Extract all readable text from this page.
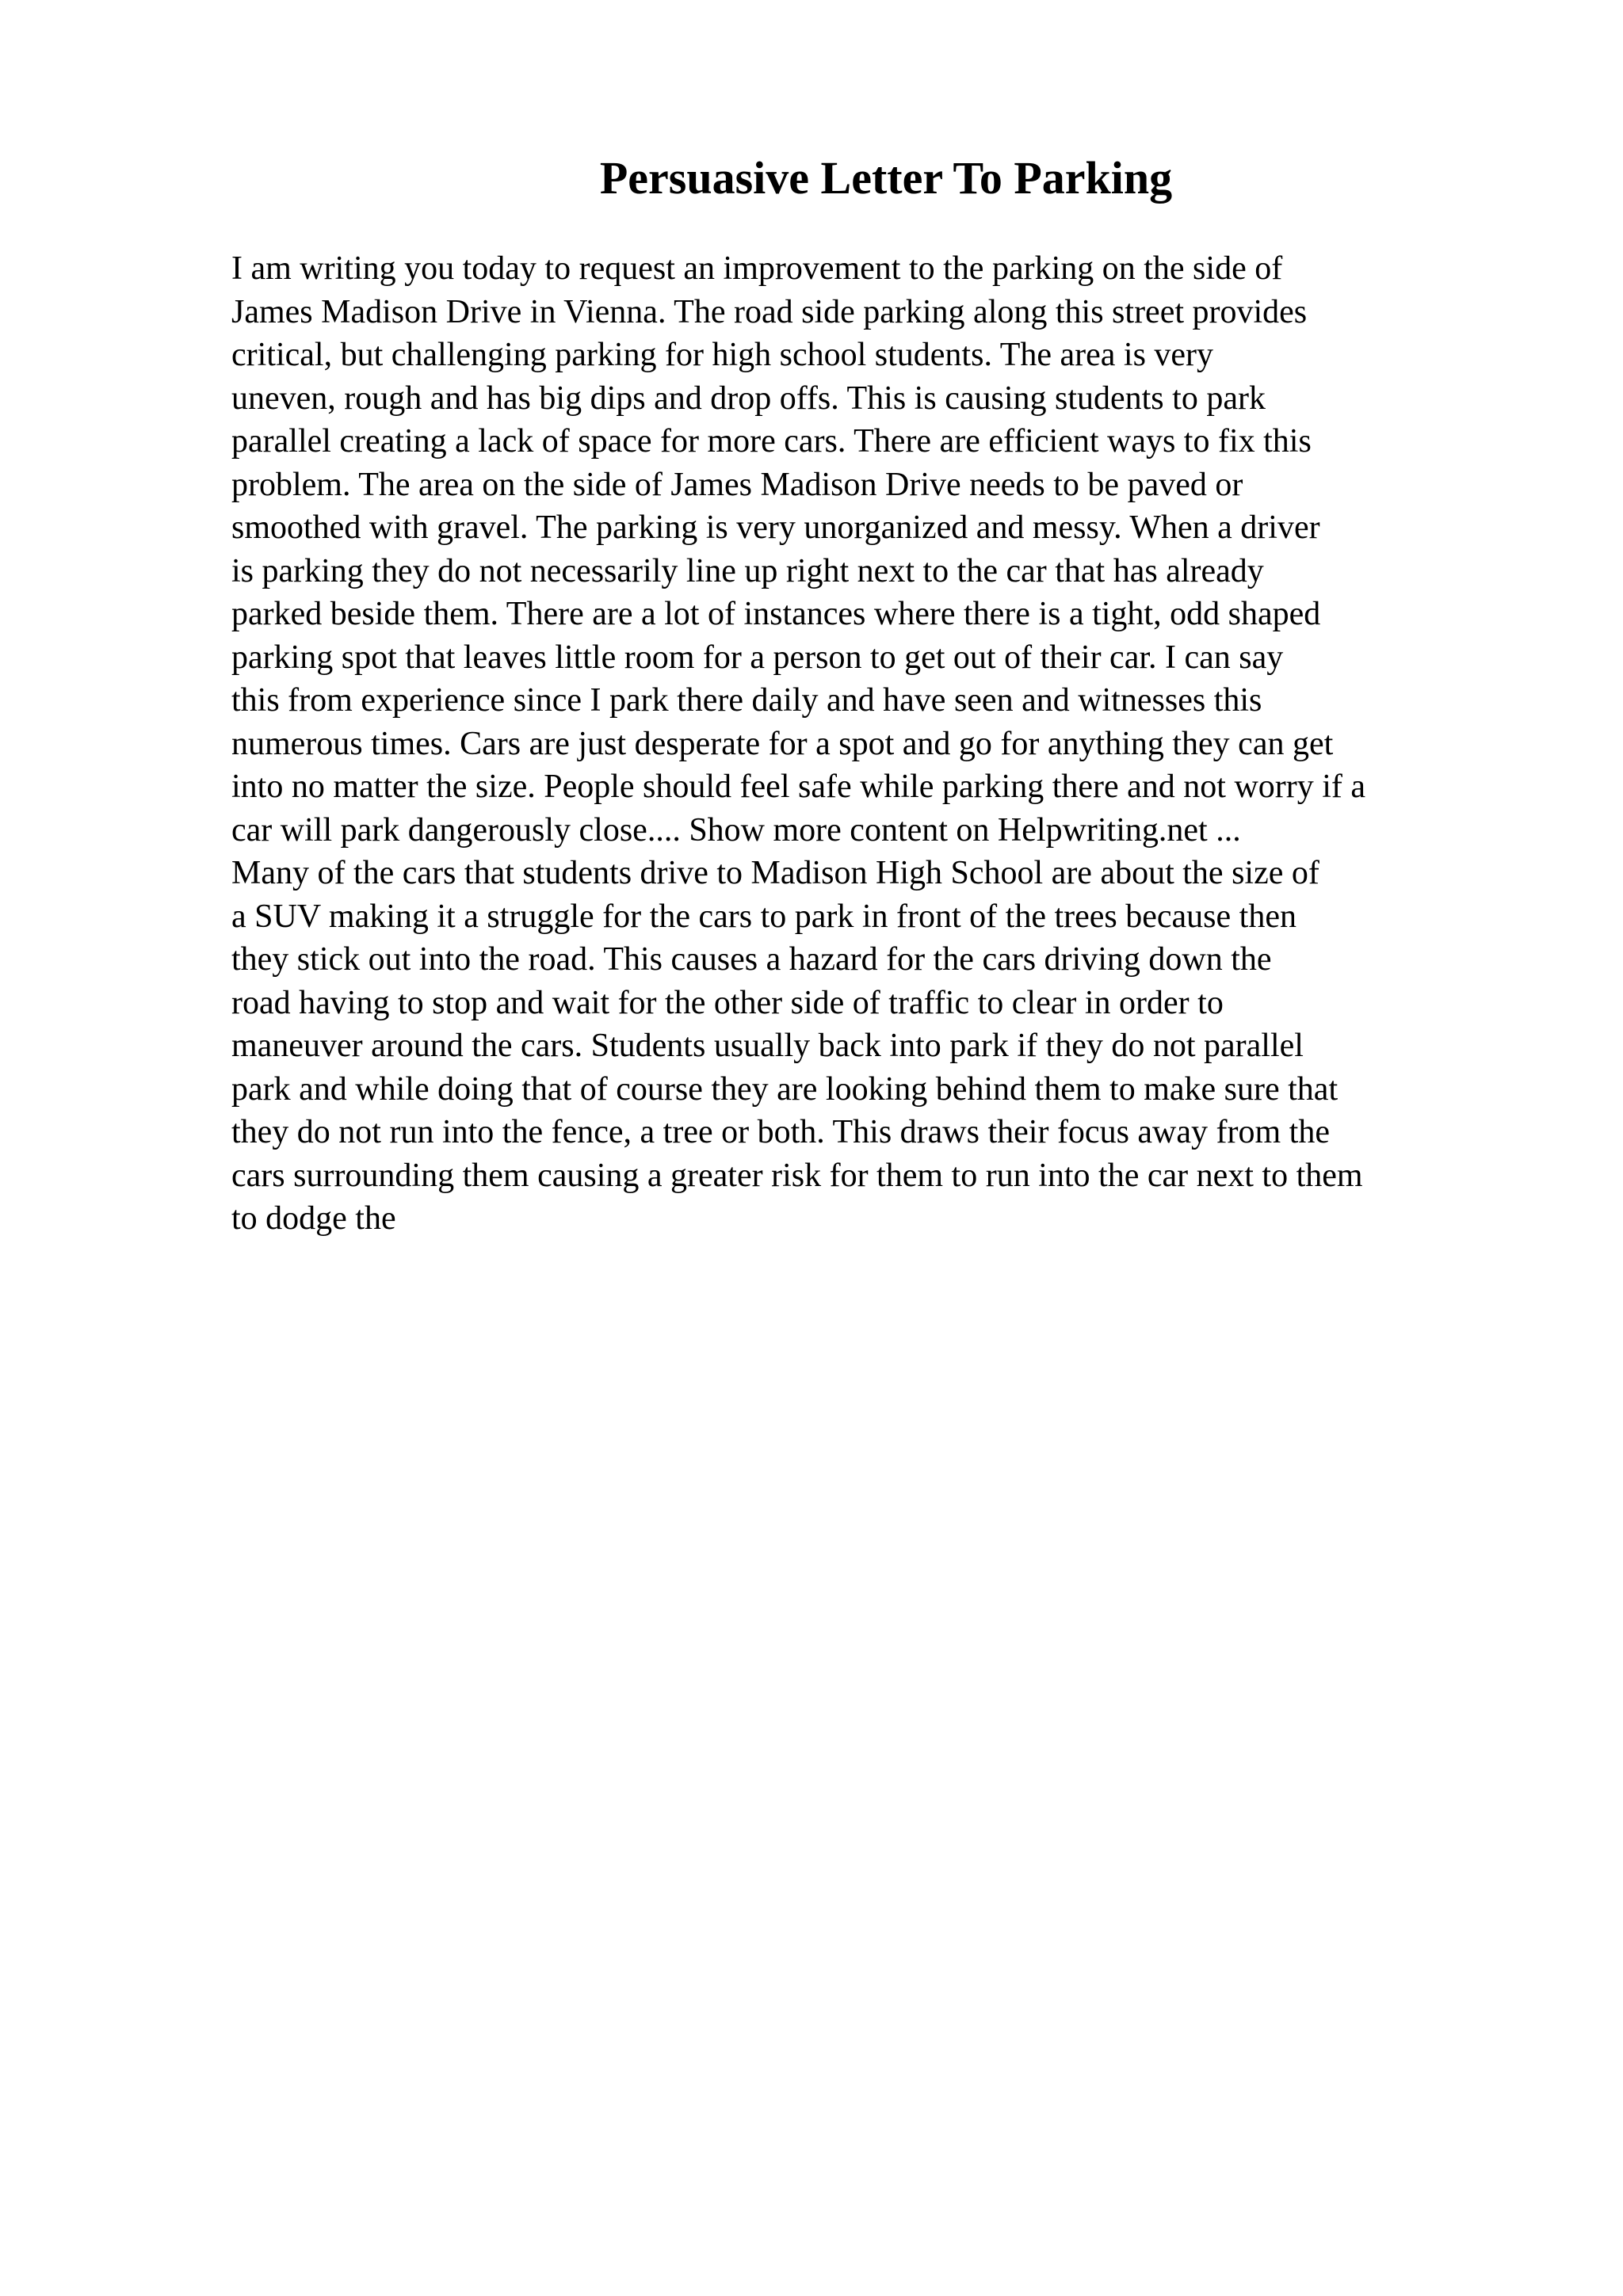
Persuasive Letter To Parking
I am writing you today to request an improvement to the parking on the side of
James Madison Drive in Vienna. The road side parking along this street provides
critical, but challenging parking for high school students. The area is very
uneven, rough and has big dips and drop offs. This is causing students to park
parallel creating a lack of space for more cars. There are efficient ways to fix this
problem. The area on the side of James Madison Drive needs to be paved or
smoothed with gravel. The parking is very unorganized and messy. When a driver
is parking they do not necessarily line up right next to the car that has already
parked beside them. There are a lot of instances where there is a tight, odd shaped
parking spot that leaves little room for a person to get out of their car. I can say
this from experience since I park there daily and have seen and witnesses this
numerous times. Cars are just desperate for a spot and go for anything they can get
into no matter the size. People should feel safe while parking there and not worry if a
car will park dangerously close.... Show more content on Helpwriting.net ...
Many of the cars that students drive to Madison High School are about the size of
a SUV making it a struggle for the cars to park in front of the trees because then
they stick out into the road. This causes a hazard for the cars driving down the
road having to stop and wait for the other side of traffic to clear in order to
maneuver around the cars. Students usually back into park if they do not parallel
park and while doing that of course they are looking behind them to make sure that
they do not run into the fence, a tree or both. This draws their focus away from the
cars surrounding them causing a greater risk for them to run into the car next to them
to dodge the
